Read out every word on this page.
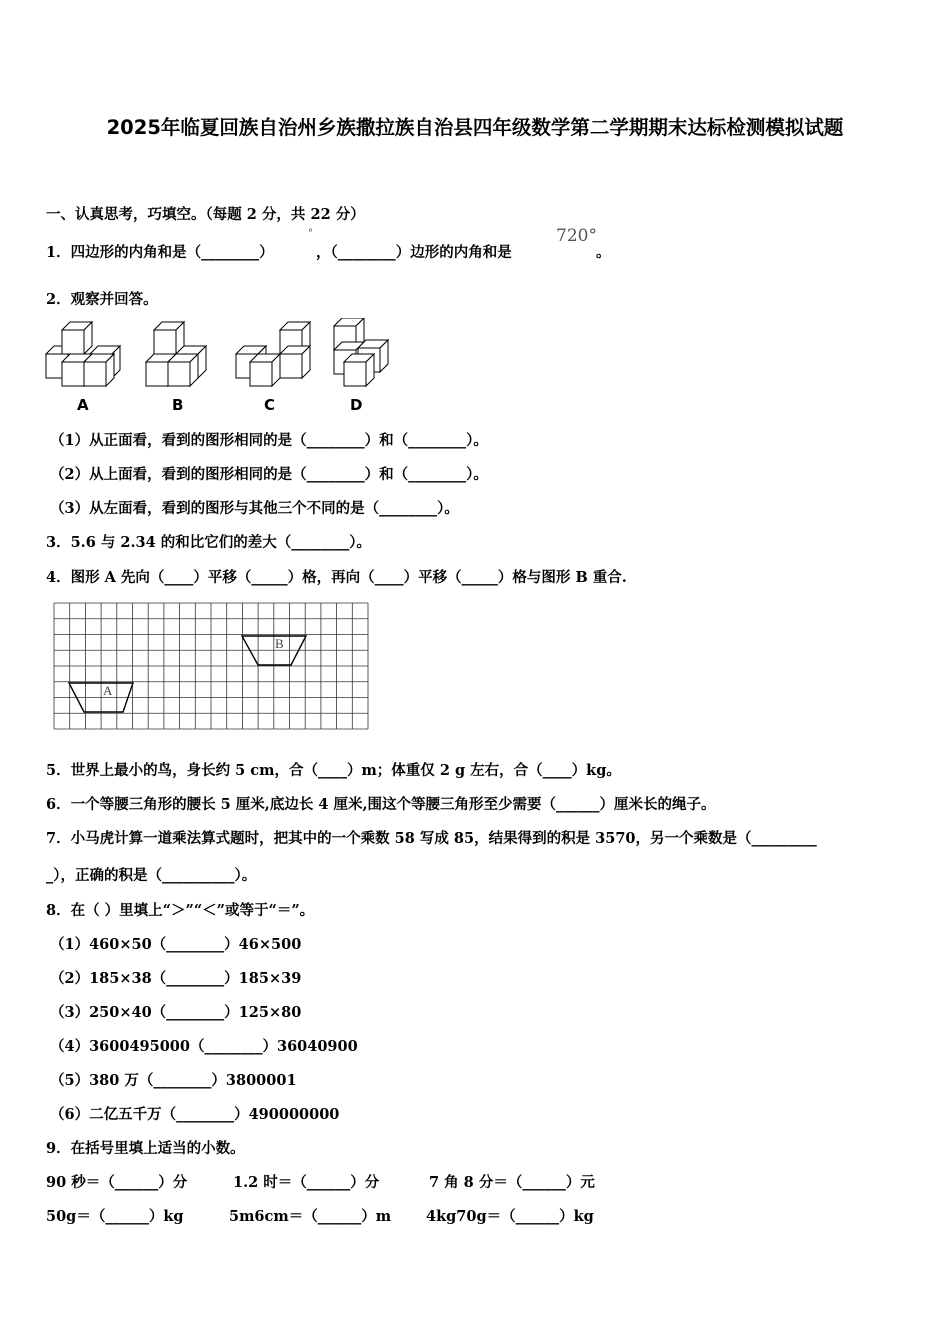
2025年临夏回族自治州乡族撒拉族自治县四年级数学第二学期期末达标检测模拟试题
一、认真思考，巧填空。（每题 2 分，共 22 分）
1．四边形的内角和是（________）
°
，（________）边形的内角和是
720°
。
2．观察并回答。
A	B	C	D
（1）从正面看，看到的图形相同的是（________）和（________）。
（2）从上面看，看到的图形相同的是（________）和（________）。
（3）从左面看，看到的图形与其他三个不同的是（________）。
3．5.6 与 2.34 的和比它们的差大（________）。
4．图形 A 先向（____）平移（_____）格，再向（____）平移（_____）格与图形 B 重合.
A
B
5．世界上最小的鸟，身长约 5 cm，合（____）m；体重仅 2 g 左右，合（____）kg。
6．一个等腰三角形的腰长 5 厘米,底边长 4 厘米,围这个等腰三角形至少需要（______）厘米长的绳子。
7．小马虎计算一道乘法算式题时，把其中的一个乘数 58 写成 85，结果得到的积是 3570，另一个乘数是（_________
_），正确的积是（__________）。
8．在（ ）里填上“＞”“＜”或等于“＝”。
（1）460×50（________）46×500
（2）185×38（________）185×39
（3）250×40（________）125×80
（4）3600495000（________）36040900
（5）380 万（________）3800001
（6）二亿五千万（________）490000000
9．在括号里填上适当的小数。
90 秒＝（______）分	1.2 时＝（______）分	7 角 8 分＝（______）元
50g＝（______）kg	5m6cm＝（______）m 4kg70g＝（______）kg
